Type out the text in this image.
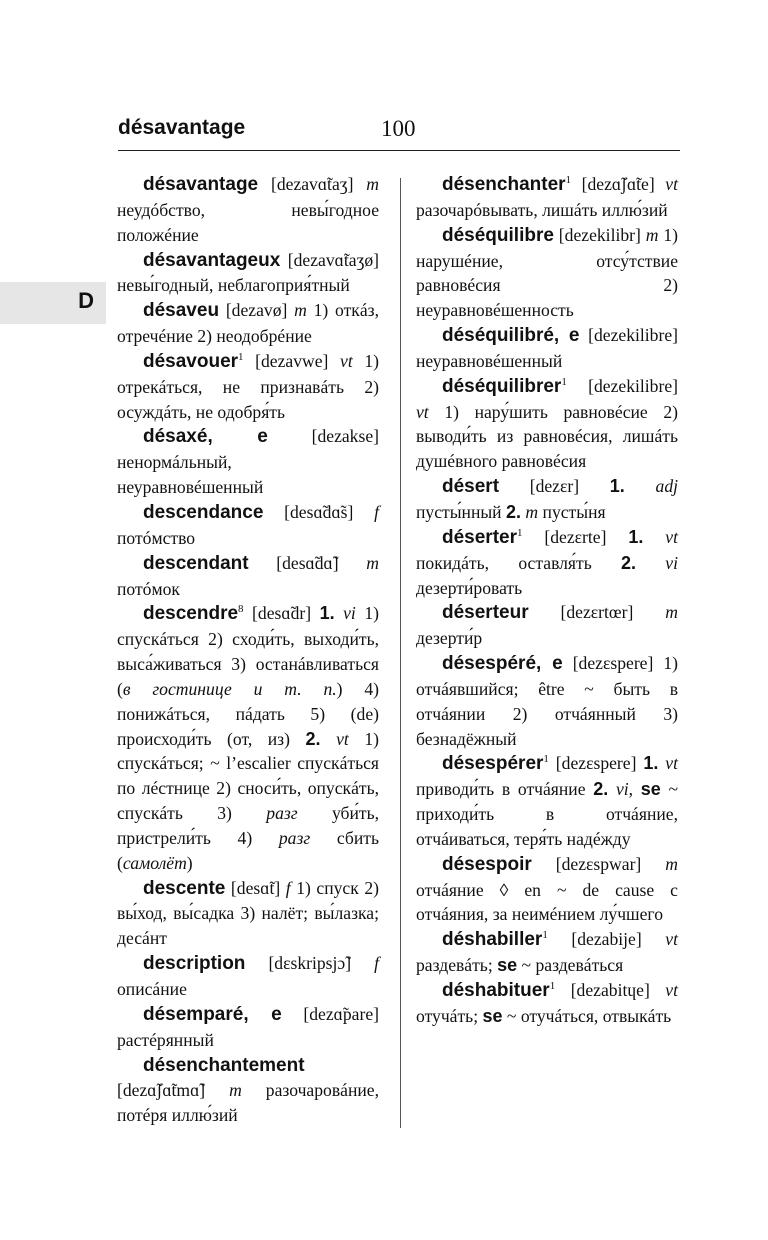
désavantage	100
D

désavantage [dezavɑ̃taʒ] m неудóбство, невы́годное положéние

désavantageux [dezavɑ̃taʒø] невы́годный, неблагоприя́тный

désaveu [dezavø] m 1) откáз, отречéние 2) неодобрéние

désavouer$^1$ [dezavwe] vt 1) отрекáться, не признавáть 2) осуждáть, не одобря́ть

désaxé, e [dezakse] ненормáльный, неуравновéшенный

descendance [desɑ̃dɑ̃s] f потóмство

descendant [desɑ̃dɑ̃] m потóмок

descendre$^8$ [desɑ̃dr] 1. vi 1) спускáться 2) сходи́ть, выходи́ть, выса́живаться 3) останáвливаться (в гостинице и т. п.) 4) понижáться, пáдать 5) (de) происходи́ть (от, из) 2. vt 1) спускáться; ~ l’escalier спускáться по лéстнице 2) сноси́ть, опускáть, спускáть 3) разг уби́ть, пристрели́ть 4) разг сбить (самолёт)

descente [desɑ̃t] f 1) спуск 2) вы́ход, вы́садка 3) налёт; вы́лазка; десáнт

description [dɛskripsjɔ̃] f описáние

désemparé, e [dezɑ̃pare] растéрянный

désenchantement [dezɑ̃ʃɑ̃tmɑ̃] m разочаровáние, потéря иллю́зий

désenchanter$^1$ [dezɑ̃ʃɑ̃te] vt разочарóвывать, лишáть иллю́зий

déséquilibre [dezekilibr] m 1) нарушéние, отсу́тствие равновéсия 2) неуравновéшенность

déséquilibré, e [dezekilibre] неуравновéшенный

déséquilibrer$^1$ [dezekilibre] vt 1) нару́шить равновéсие 2) выводи́ть из равновéсия, лишáть душéвного равновéсия

désert [dezɛr] 1. adj пусты́нный 2. m пусты́ня

déserter$^1$ [dezɛrte] 1. vt покидáть, оставля́ть 2. vi дезерти́ровать

déserteur [dezɛrtœr] m дезерти́р

désespéré, e [dezɛspere] 1) отчáявшийся; être ~ быть в отчáянии 2) отчáянный 3) безнадёжный

désespérer$^1$ [dezɛspere] 1. vt приводи́ть в отчáяние 2. vi, se ~ приходи́ть в отчáяние, отчáиваться, теря́ть надéжду

désespoir [dezɛspwar] m отчáяние ◊ en ~ de cause с отчáяния, за неимéнием лу́чшего

déshabiller$^1$ [dezabije] vt раздевáть; se ~ раздевáться

déshabituer$^1$ [dezabitɥe] vt отучáть; se ~ отучáться, отвыкáть
